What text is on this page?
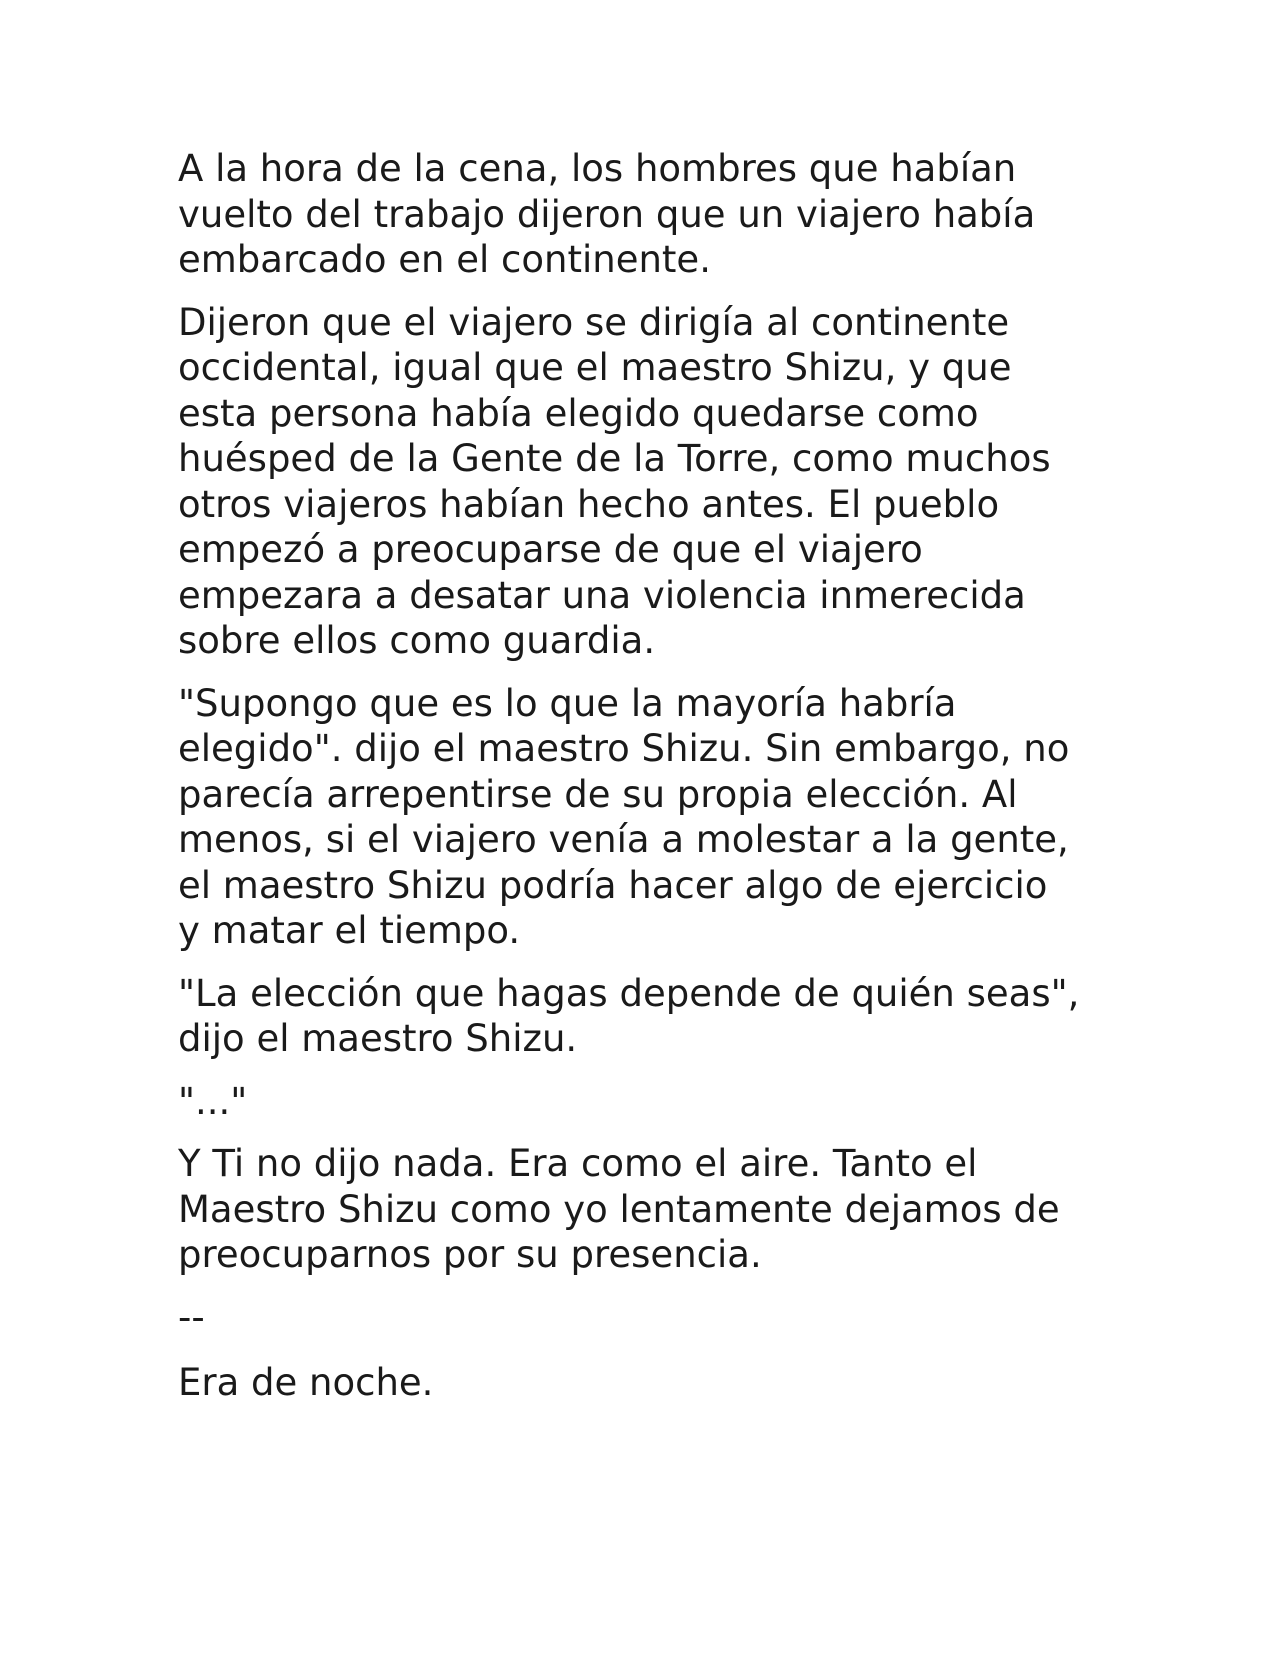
A la hora de la cena, los hombres que habían
vuelto del trabajo dijeron que un viajero había
embarcado en el continente.

Dijeron que el viajero se dirigía al continente
occidental, igual que el maestro Shizu, y que
esta persona había elegido quedarse como
huésped de la Gente de la Torre, como muchos
otros viajeros habían hecho antes. El pueblo
empezó a preocuparse de que el viajero
empezara a desatar una violencia inmerecida
sobre ellos como guardia.

"Supongo que es lo que la mayoría habría
elegido". dijo el maestro Shizu. Sin embargo, no
parecía arrepentirse de su propia elección. Al
menos, si el viajero venía a molestar a la gente,
el maestro Shizu podría hacer algo de ejercicio
y matar el tiempo.

"La elección que hagas depende de quién seas",
dijo el maestro Shizu.

"..."

Y Ti no dijo nada. Era como el aire. Tanto el
Maestro Shizu como yo lentamente dejamos de
preocuparnos por su presencia.

--

Era de noche.
